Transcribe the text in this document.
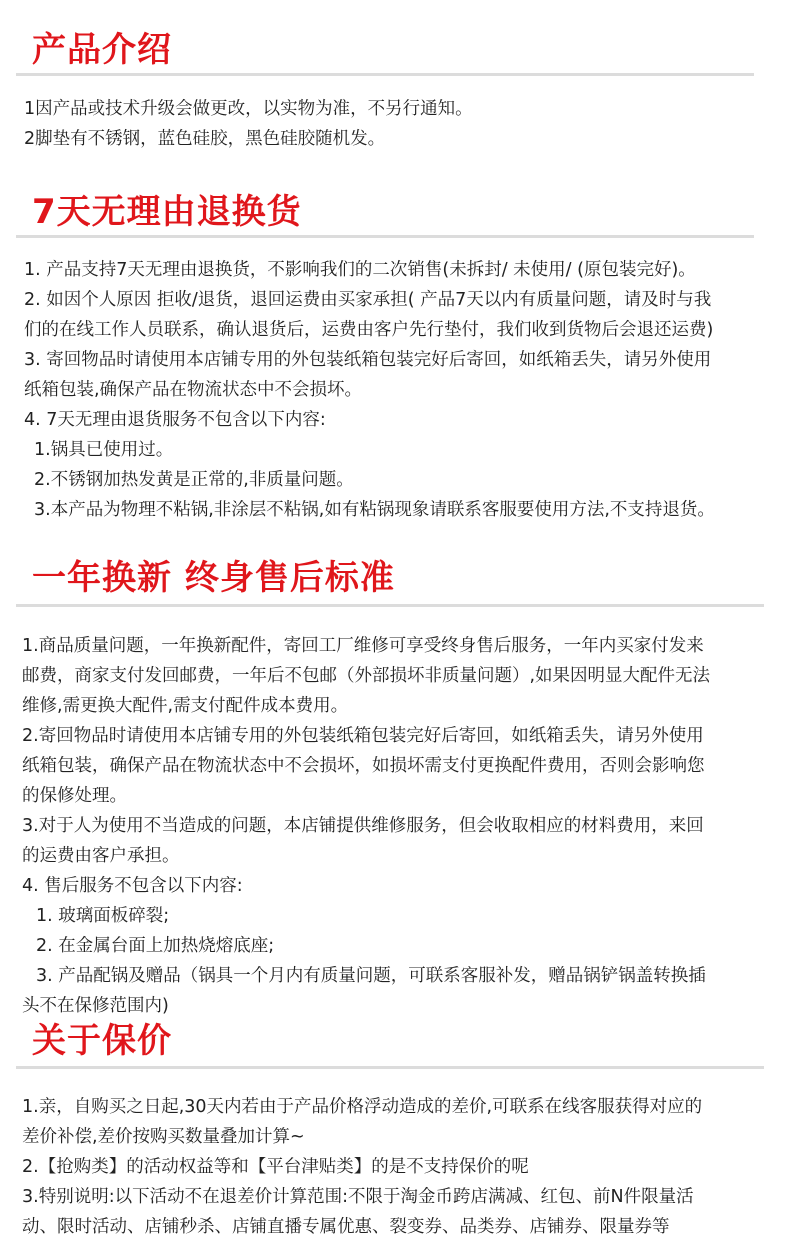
产品介绍
1因产品或技术升级会做更改，以实物为准，不另行通知。
2脚垫有不锈钢，蓝色硅胶，黑色硅胶随机发。
7天无理由退换货
1. 产品支持7天无理由退换货，不影响我们的二次销售(未拆封/ 未使用/ (原包装完好)。
2. 如因个人原因 拒收/退货，退回运费由买家承担( 产品7天以内有质量问题，请及时与我
们的在线工作人员联系，确认退货后，运费由客户先行垫付，我们收到货物后会退还运费)
3. 寄回物品时请使用本店铺专用的外包装纸箱包装完好后寄回，如纸箱丢失，请另外使用
纸箱包装,确保产品在物流状态中不会损坏。
4. 7天无理由退货服务不包含以下内容:
1.锅具已使用过。
2.不锈钢加热发黄是正常的,非质量问题。
3.本产品为物理不粘锅,非涂层不粘锅,如有粘锅现象请联系客服要使用方法,不支持退货。
一年换新 终身售后标准
1.商品质量问题，一年换新配件，寄回工厂维修可享受终身售后服务，一年内买家付发来
邮费，商家支付发回邮费，一年后不包邮（外部损坏非质量问题）,如果因明显大配件无法
维修,需更换大配件,需支付配件成本费用。
2.寄回物品时请使用本店铺专用的外包装纸箱包装完好后寄回，如纸箱丢失，请另外使用
纸箱包装，确保产品在物流状态中不会损坏，如损坏需支付更换配件费用，否则会影响您
的保修处理。
3.对于人为使用不当造成的问题，本店铺提供维修服务，但会收取相应的材料费用，来回
的运费由客户承担。
4. 售后服务不包含以下内容:
1. 玻璃面板碎裂;
2. 在金属台面上加热烧熔底座;
3. 产品配锅及赠品（锅具一个月内有质量问题，可联系客服补发，赠品锅铲锅盖转换插
头不在保修范围内)
关于保价
1.亲，自购买之日起,30天内若由于产品价格浮动造成的差价,可联系在线客服获得对应的
差价补偿,差价按购买数量叠加计算~
2.【抢购类】的活动权益等和【平台津贴类】的是不支持保价的呢
3.特别说明:以下活动不在退差价计算范围:不限于淘金币跨店满减、红包、前N件限量活
动、限时活动、店铺秒杀、店铺直播专属优惠、裂变券、品类券、店铺券、限量券等
